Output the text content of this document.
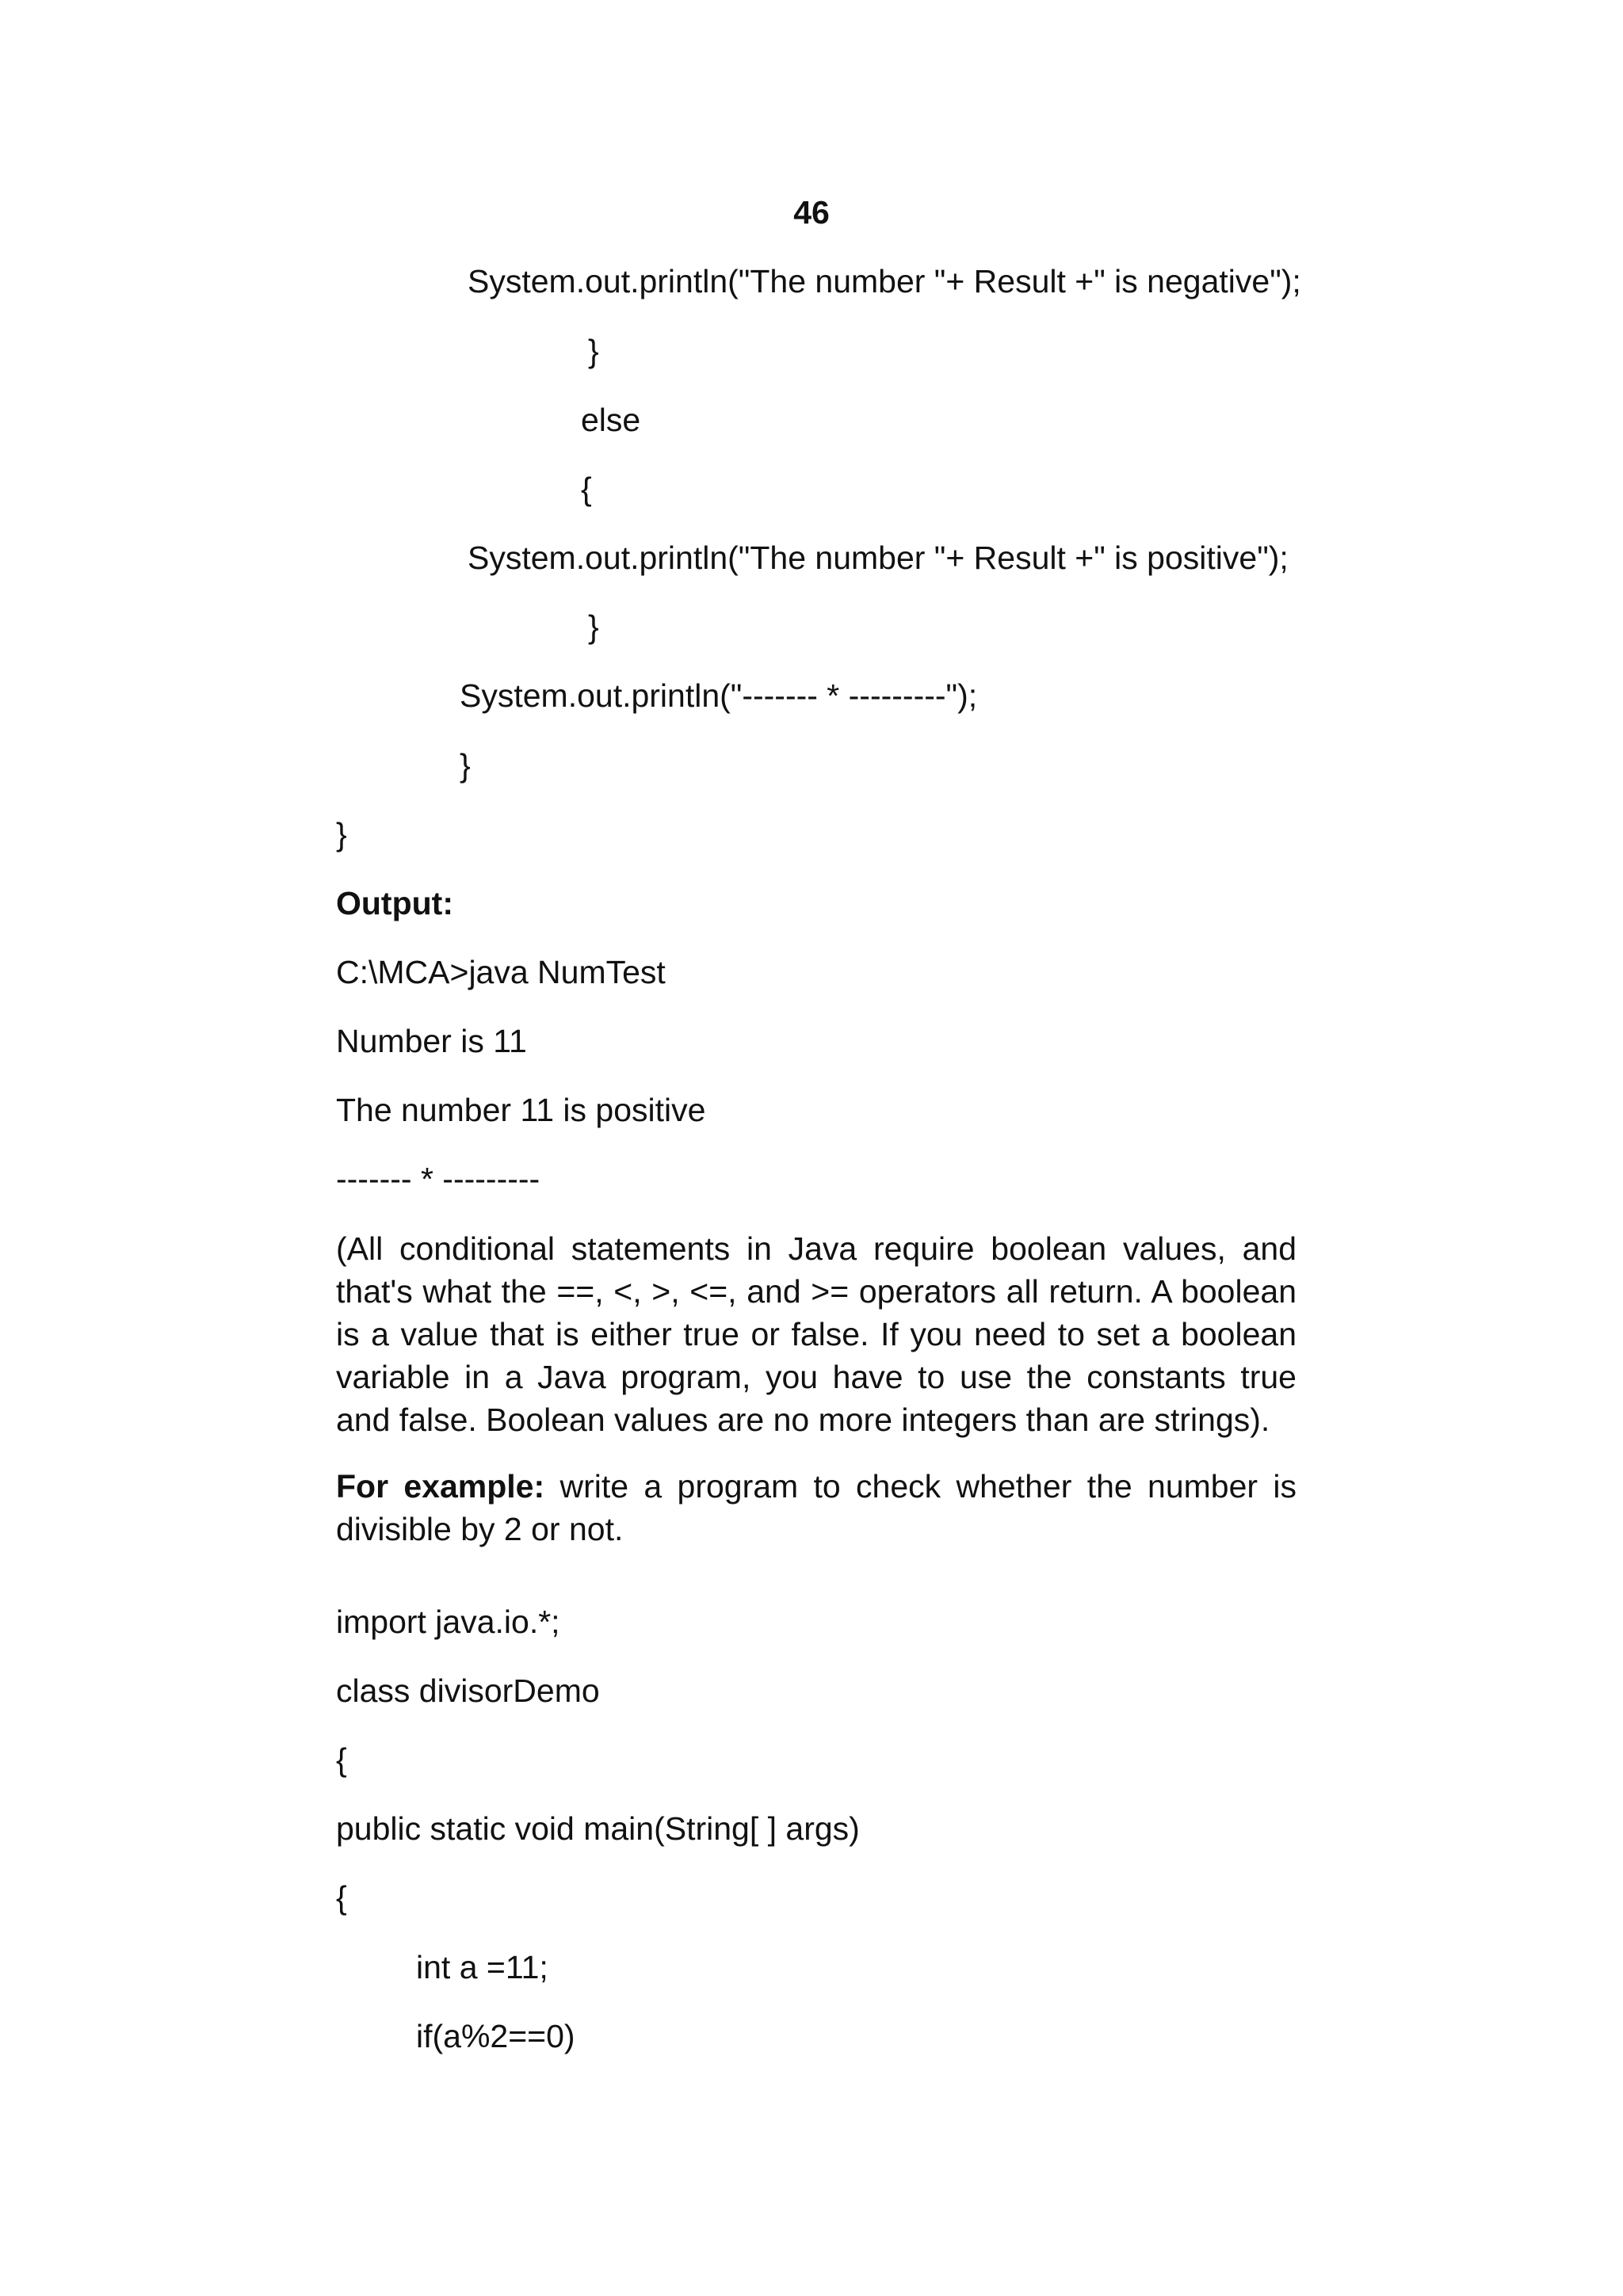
46
System.out.println("The number "+ Result +" is negative");
}
else
{
System.out.println("The number "+ Result +" is positive");
}
System.out.println("------- * ---------");
}
}
Output:
C:\MCA>java NumTest
Number is 11
The number 11 is positive
------- * ---------
(All conditional statements in Java require boolean values, and that's what the ==, <, >, <=, and >= operators all return. A boolean is a value that is either true or false. If you need to set a boolean variable in a Java program, you have to use the constants true and false. Boolean values are no more integers than are strings).
For example: write a program to check whether the number is divisible by 2 or not.
import java.io.*;
class divisorDemo
{
public static void main(String[ ] args)
{
int a =11;
if(a%2==0)
